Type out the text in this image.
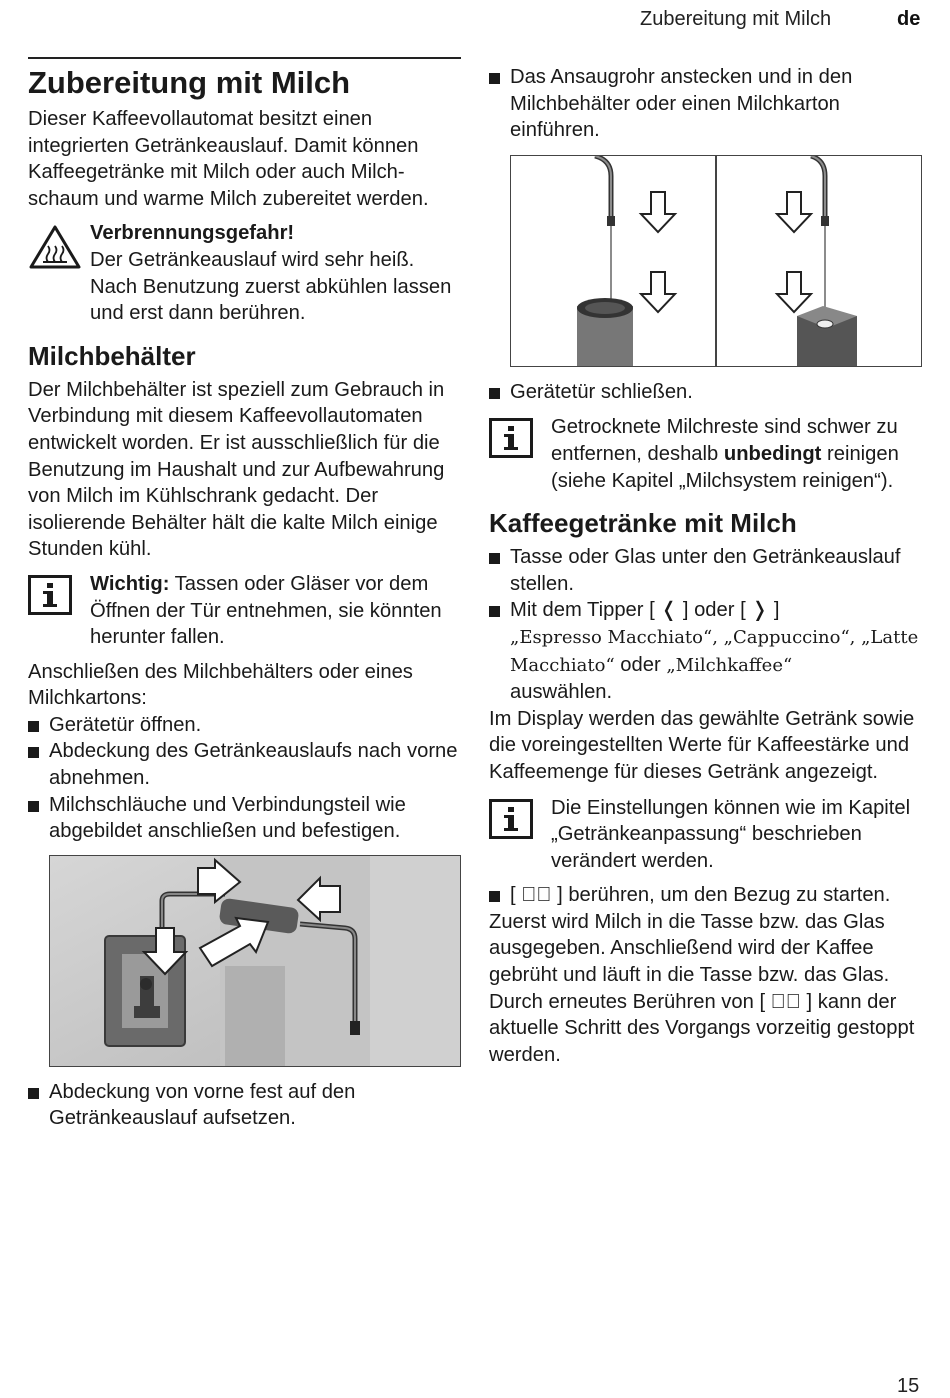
Zubereitung mit Milch	de
Zubereitung mit Milch

Dieser Kaffeevollautomat besitzt einen integrierten Getränkeauslauf. Damit können Kaffeegetränke mit Milch oder auch Milchschaum und warme Milch zubereitet werden.

Verbrennungsgefahr!
Der Getränkeauslauf wird sehr heiß. Nach Benutzung zuerst abkühlen lassen und erst dann berühren.
Milchbehälter

Der Milchbehälter ist speziell zum Gebrauch in Verbindung mit diesem Kaffeevollautomaten entwickelt worden. Er ist ausschließlich für die Benutzung im Haushalt und zur Aufbewahrung von Milch im Kühlschrank gedacht. Der isolierende Behälter hält die kalte Milch einige Stunden kühl.

Wichtig: Tassen oder Gläser vor dem Öffnen der Tür entnehmen, sie könnten herunter fallen.

Anschließen des Milchbehälters oder eines Milchkartons:

Gerätetür öffnen.
Abdeckung des Getränkeauslaufs nach vorne abnehmen.
Milchschläuche und Verbindungsteil wie abgebildet anschließen und befestigen.
Abdeckung von vorne fest auf den Getränkeauslauf aufsetzen.
Das Ansaugrohr anstecken und in den Milchbehälter oder einen Milchkarton einführen.
Gerätetür schließen.
Getrocknete Milchreste sind schwer zu entfernen, deshalb unbedingt reinigen (siehe Kapitel „Milchsystem reinigen“).
Kaffeegetränke mit Milch
Tasse oder Glas unter den Getränkeauslauf stellen.
Mit dem Tipper [ ❬ ] oder [ ❭ ]
„Espresso Macchiato“, „Cappuccino“, „Latte Macchiato“ oder „Milchkaffee“
auswählen.

Im Display werden das gewählte Getränk sowie die voreingestellten Werte für Kaffeestärke und Kaffeemenge für dieses Getränk angezeigt.

Die Einstellungen können wie im Kapitel „Getränkeanpassung“ beschrieben verändert werden.
[ ▷⃞ ] berühren, um den Bezug zu starten.

Zuerst wird Milch in die Tasse bzw. das Glas ausgegeben. Anschließend wird der Kaffee gebrüht und läuft in die Tasse bzw. das Glas.

Durch erneutes Berühren von [ ▷⃞ ] kann der aktuelle Schritt des Vorgangs vorzeitig gestoppt werden.

15
